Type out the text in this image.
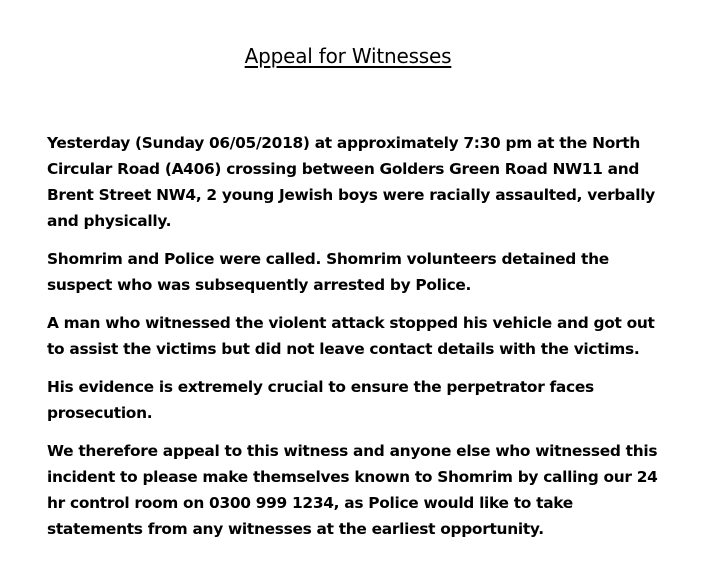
Appeal for Witnesses

Yesterday (Sunday 06/05/2018) at approximately 7:30 pm at the North Circular Road (A406) crossing between Golders Green Road NW11 and Brent Street NW4, 2 young Jewish boys were racially assaulted, verbally and physically.

Shomrim and Police were called. Shomrim volunteers detained the suspect who was subsequently arrested by Police.

A man who witnessed the violent attack stopped his vehicle and got out to assist the victims but did not leave contact details with the victims.

His evidence is extremely crucial to ensure the perpetrator faces prosecution.

We therefore appeal to this witness and anyone else who witnessed this incident to please make themselves known to Shomrim by calling our 24 hr control room on 0300 999 1234, as Police would like to take statements from any witnesses at the earliest opportunity.
